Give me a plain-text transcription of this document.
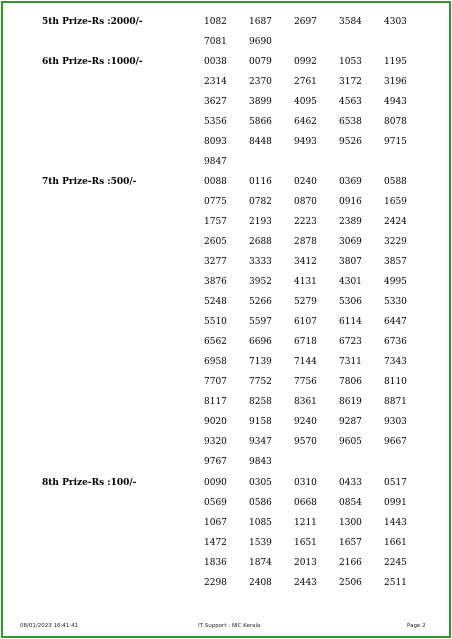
5th Prize-Rs :2000/-	1082 1687 2697 3584 4303
7081 9690
6th Prize-Rs :1000/-	0038 0079 0992 1053 1195
2314 2370 2761 3172 3196
3627 3899 4095 4563 4943
5356 5866 6462 6538 8078
8093 8448 9493 9526 9715
9847
7th Prize-Rs :500/-	0088 0116 0240 0369 0588
0775 0782 0870 0916 1659
1757 2193 2223 2389 2424
2605 2688 2878 3069 3229
3277 3333 3412 3807 3857
3876 3952 4131 4301 4995
5248 5266 5279 5306 5330
5510 5597 6107 6114 6447
6562 6696 6718 6723 6736
6958 7139 7144 7311 7343
7707 7752 7756 7806 8110
8117 8258 8361 8619 8871
9020 9158 9240 9287 9303
9320 9347 9570 9605 9667
9767 9843
8th Prize-Rs :100/-	0090 0305 0310 0433 0517
0569 0586 0668 0854 0991
1067 1085 1211 1300 1443
1472 1539 1651 1657 1661
1836 1874 2013 2166 2245
2298 2408 2443 2506 2511
08/01/2023 16:41:41	IT Support : NIC Kerala	Page 2
